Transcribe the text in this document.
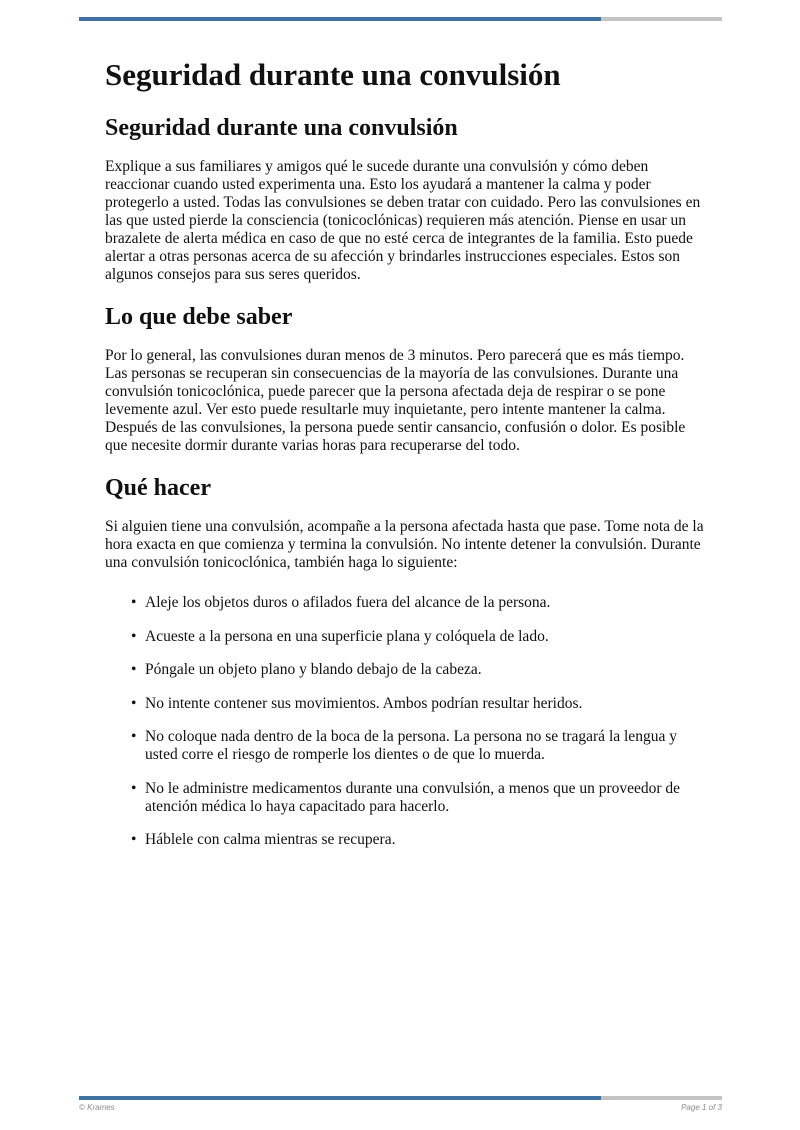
Seguridad durante una convulsión
Seguridad durante una convulsión

Explique a sus familiares y amigos qué le sucede durante una convulsión y cómo deben reaccionar cuando usted experimenta una. Esto los ayudará a mantener la calma y poder protegerlo a usted. Todas las convulsiones se deben tratar con cuidado. Pero las convulsiones en las que usted pierde la consciencia (tonicoclónicas) requieren más atención. Piense en usar un brazalete de alerta médica en caso de que no esté cerca de integrantes de la familia. Esto puede alertar a otras personas acerca de su afección y brindarles instrucciones especiales. Estos son algunos consejos para sus seres queridos.

Lo que debe saber

Por lo general, las convulsiones duran menos de 3 minutos. Pero parecerá que es más tiempo. Las personas se recuperan sin consecuencias de la mayoría de las convulsiones. Durante una convulsión tonicoclónica, puede parecer que la persona afectada deja de respirar o se pone levemente azul. Ver esto puede resultarle muy inquietante, pero intente mantener la calma. Después de las convulsiones, la persona puede sentir cansancio, confusión o dolor. Es posible que necesite dormir durante varias horas para recuperarse del todo.

Qué hacer

Si alguien tiene una convulsión, acompañe a la persona afectada hasta que pase. Tome nota de la hora exacta en que comienza y termina la convulsión. No intente detener la convulsión. Durante una convulsión tonicoclónica, también haga lo siguiente:

• Aleje los objetos duros o afilados fuera del alcance de la persona.
• Acueste a la persona en una superficie plana y colóquela de lado.
• Póngale un objeto plano y blando debajo de la cabeza.
• No intente contener sus movimientos. Ambos podrían resultar heridos.
• No coloque nada dentro de la boca de la persona. La persona no se tragará la lengua y usted corre el riesgo de romperle los dientes o de que lo muerda.
• No le administre medicamentos durante una convulsión, a menos que un proveedor de atención médica lo haya capacitado para hacerlo.
• Háblele con calma mientras se recupera.
© Krames	Page 1 of 3
